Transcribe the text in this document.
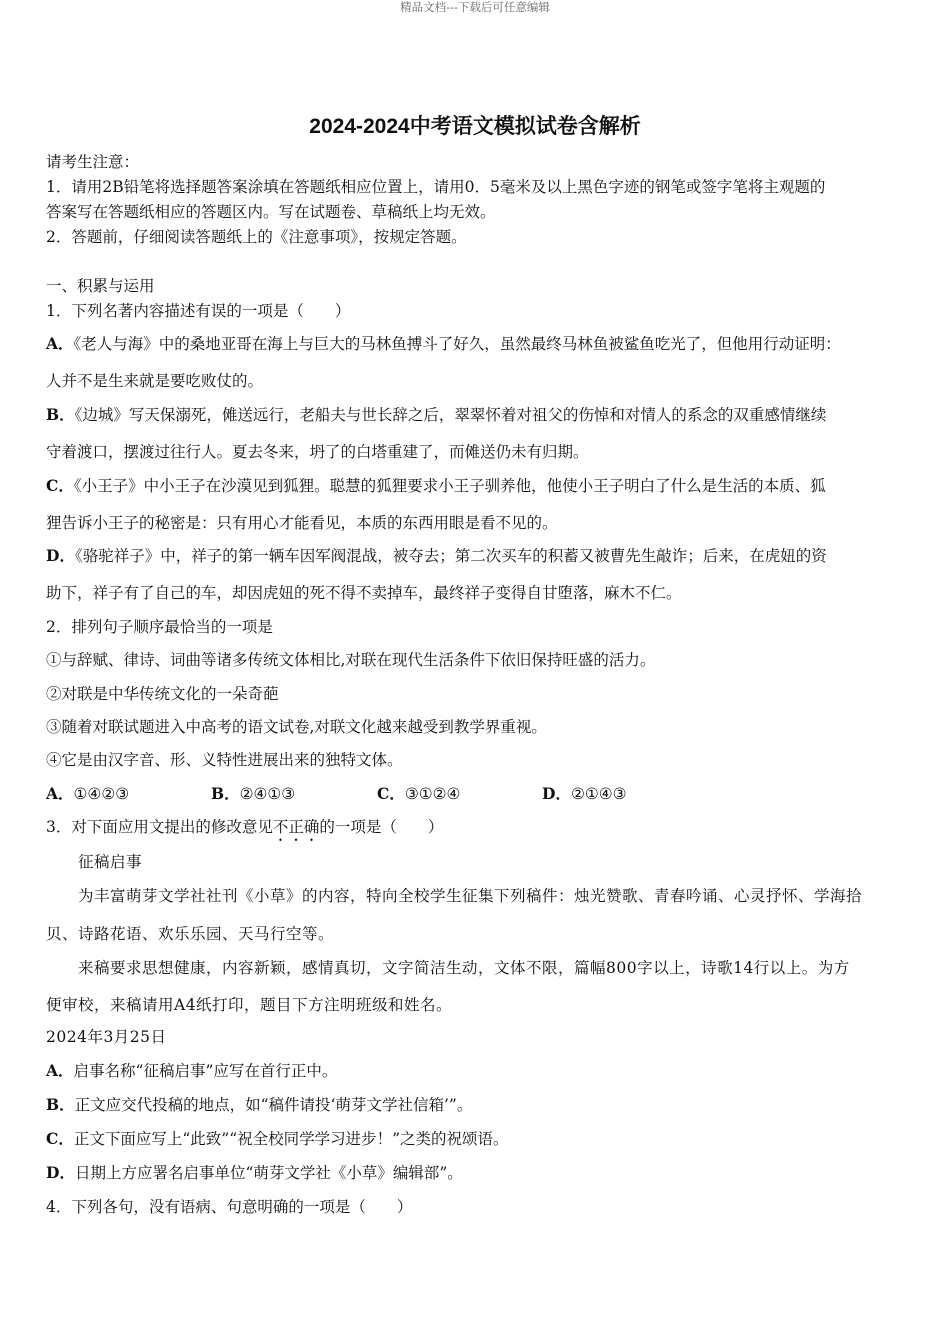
精品文档---下载后可任意编辑
2024-2024中考语文模拟试卷含解析
请考生注意：
1．请用2B铅笔将选择题答案涂填在答题纸相应位置上，请用0．5毫米及以上黑色字迹的钢笔或签字笔将主观题的
答案写在答题纸相应的答题区内。写在试题卷、草稿纸上均无效。
2．答题前，仔细阅读答题纸上的《注意事项》，按规定答题。
一、积累与运用
1．下列名著内容描述有误的一项是（　　）
A．《老人与海》中的桑地亚哥在海上与巨大的马林鱼搏斗了好久，虽然最终马林鱼被鲨鱼吃光了，但他用行动证明：
人并不是生来就是要吃败仗的。
B．《边城》写天保溺死，傩送远行，老船夫与世长辞之后，翠翠怀着对祖父的伤悼和对情人的系念的双重感情继续
守着渡口，摆渡过往行人。夏去冬来，坍了的白塔重建了，而傩送仍未有归期。
C．《小王子》中小王子在沙漠见到狐狸。聪慧的狐狸要求小王子驯养他，他使小王子明白了什么是生活的本质、狐
狸告诉小王子的秘密是：只有用心才能看见，本质的东西用眼是看不见的。
D．《骆驼祥子》中，祥子的第一辆车因军阀混战，被夺去；第二次买车的积蓄又被曹先生敲诈；后来，在虎妞的资
助下，祥子有了自己的车，却因虎妞的死不得不卖掉车，最终祥子变得自甘堕落，麻木不仁。
2．排列句子顺序最恰当的一项是
①与辞赋、律诗、词曲等诸多传统文体相比,对联在现代生活条件下依旧保持旺盛的活力。
②对联是中华传统文化的一朵奇葩
③随着对联试题进入中高考的语文试卷,对联文化越来越受到教学界重视。
④它是由汉字音、形、义特性进展出来的独特文体。
A．①④②③	B．②④①③	C．③①②④	D．②①④③
3．对下面应用文提出的修改意见不正确的一项是（　　）
征稿启事
为丰富萌芽文学社社刊《小草》的内容，特向全校学生征集下列稿件：烛光赞歌、青春吟诵、心灵抒怀、学海拾
贝、诗路花语、欢乐乐园、天马行空等。
来稿要求思想健康，内容新颖，感情真切，文字简洁生动，文体不限，篇幅800字以上，诗歌14行以上。为方
便审校，来稿请用A4纸打印，题目下方注明班级和姓名。
2024年3月25日
A．启事名称“征稿启事”应写在首行正中。
B．正文应交代投稿的地点，如“稿件请投‘萌芽文学社信箱’”。
C．正文下面应写上“此致”“祝全校同学学习进步！”之类的祝颂语。
D．日期上方应署名启事单位“萌芽文学社《小草》编辑部”。
4．下列各句，没有语病、句意明确的一项是（　　）
